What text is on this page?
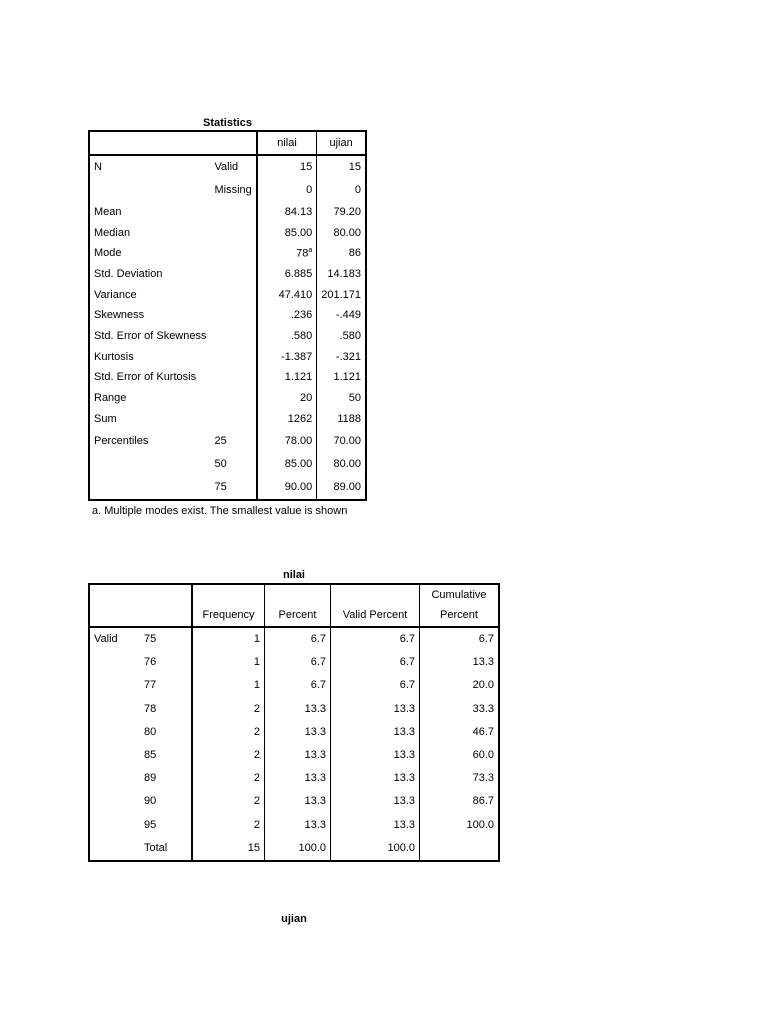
Statistics
		nilai	ujian
N	Valid	15	15
	Missing	0	0
Mean		84.13	79.20
Median		85.00	80.00
Mode		78$^a$	86
Std. Deviation		6.885	14.183
Variance		47.410	201.171
Skewness		.236	-.449
Std. Error of Skewness		.580	.580
Kurtosis		-1.387	-.321
Std. Error of Kurtosis		1.121	1.121
Range		20	50
Sum		1262	1188
Percentiles	25	78.00	70.00
	50	85.00	80.00
	75	90.00	89.00
a. Multiple modes exist. The smallest value is shown
nilai
					Cumulative
		Frequency	Percent	Valid Percent	Percent
Valid	75	1	6.7	6.7	6.7
	76	1	6.7	6.7	13.3
	77	1	6.7	6.7	20.0
	78	2	13.3	13.3	33.3
	80	2	13.3	13.3	46.7
	85	2	13.3	13.3	60.0
	89	2	13.3	13.3	73.3
	90	2	13.3	13.3	86.7
	95	2	13.3	13.3	100.0
	Total	15	100.0	100.0	
ujian
